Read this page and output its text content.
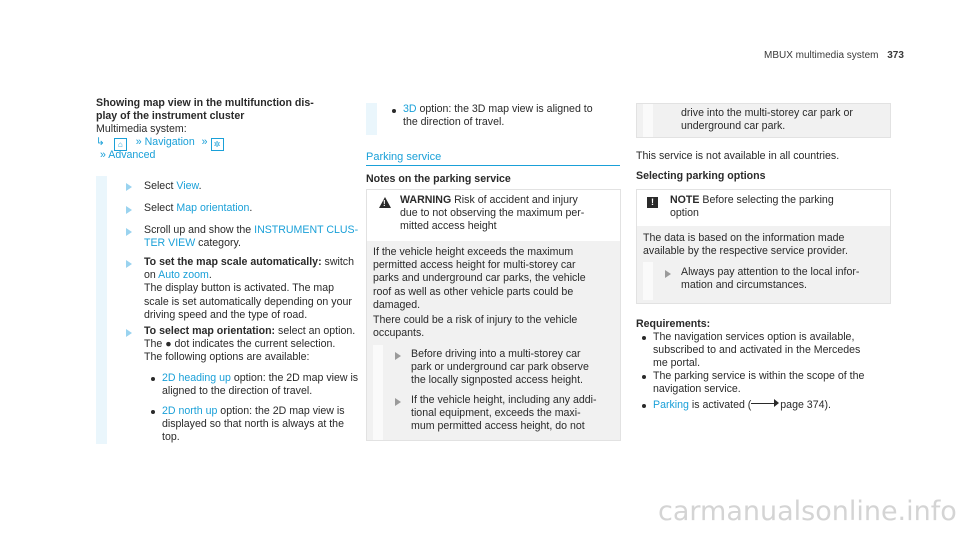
MBUX multimedia system 373
Showing map view in the multifunction dis-
play of the instrument cluster
Multimedia system:
↳ ⌂ » Navigation » ✲
» Advanced
Select View.
Select Map orientation.
Scroll up and show the INSTRUMENT CLUS-
TER VIEW category.
To set the map scale automatically: switch
on Auto zoom.
The display button is activated. The map
scale is set automatically depending on your
driving speed and the type of road.
To select map orientation: select an option.
The ● dot indicates the current selection.
The following options are available:
2D heading up option: the 2D map view is
aligned to the direction of travel.
2D north up option: the 2D map view is
displayed so that north is always at the
top.
3D option: the 3D map view is aligned to
the direction of travel.
Parking service
Notes on the parking service
! WARNING Risk of accident and injury
due to not observing the maximum per-
mitted access height
If the vehicle height exceeds the maximum
permitted access height for multi-storey car
parks and underground car parks, the vehicle
roof as well as other vehicle parts could be
damaged.
There could be a risk of injury to the vehicle
occupants.
Before driving into a multi-storey car
park or underground car park observe
the locally signposted access height.
If the vehicle height, including any addi-
tional equipment, exceeds the maxi-
mum permitted access height, do not
drive into the multi-storey car park or
underground car park.
This service is not available in all countries.
Selecting parking options
!	NOTE Before selecting the parking
option
The data is based on the information made
available by the respective service provider.
Always pay attention to the local infor-
mation and circumstances.
Requirements:
The navigation services option is available,
subscribed to and activated in the Mercedes
me portal.
The parking service is within the scope of the
navigation service.
Parking is activated (
page 374).
carmanualsonline.info
